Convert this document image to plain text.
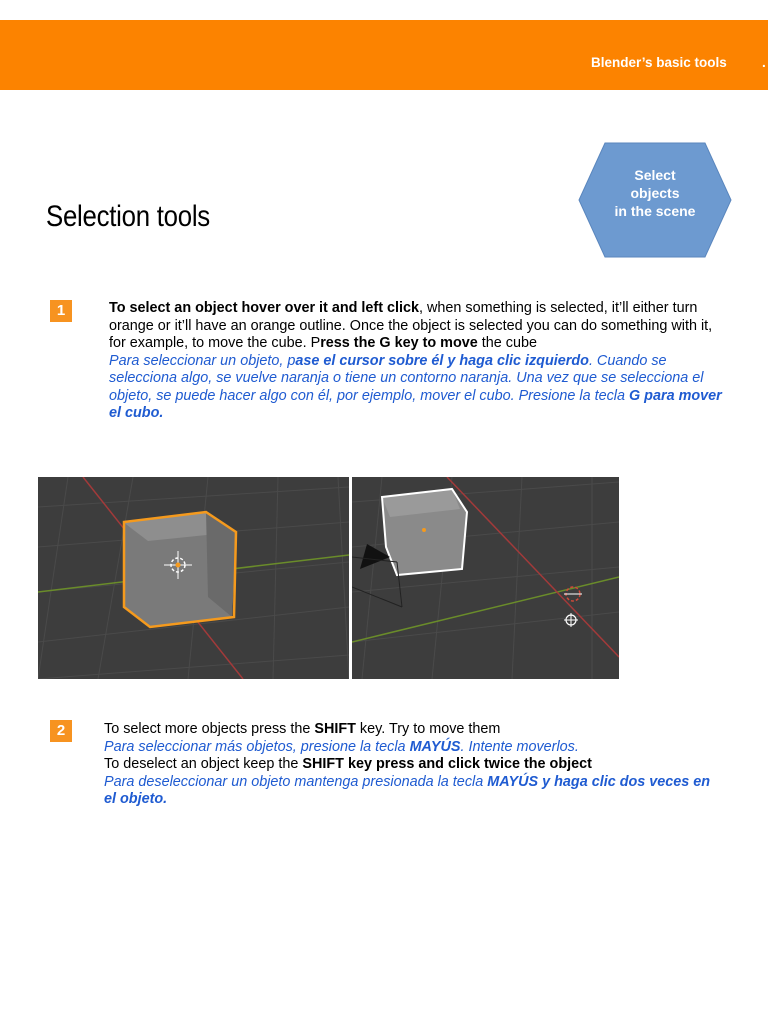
Blender’s basic tools	.
Selection tools
Select
objects
in the scene
1	To select an object hover over it and left click, when something is selected, it’ll either turn orange or it’ll have an orange outline. Once the object is selected you can do something with it, for example, to move the cube. Press the G key to move the cube
Para seleccionar un objeto, pase el cursor sobre él y haga clic izquierdo. Cuando se selecciona algo, se vuelve naranja o tiene un contorno naranja. Una vez que se selecciona el objeto, se puede hacer algo con él, por ejemplo, mover el cubo. Presione la tecla G para mover el cubo.
2	To select more objects press the SHIFT key. Try to move them
Para seleccionar más objetos, presione la tecla MAYÚS. Intente moverlos.
To deselect an object keep the SHIFT key press and click twice the object
Para deseleccionar un objeto mantenga presionada la tecla MAYÚS y haga clic dos veces en el objeto.
